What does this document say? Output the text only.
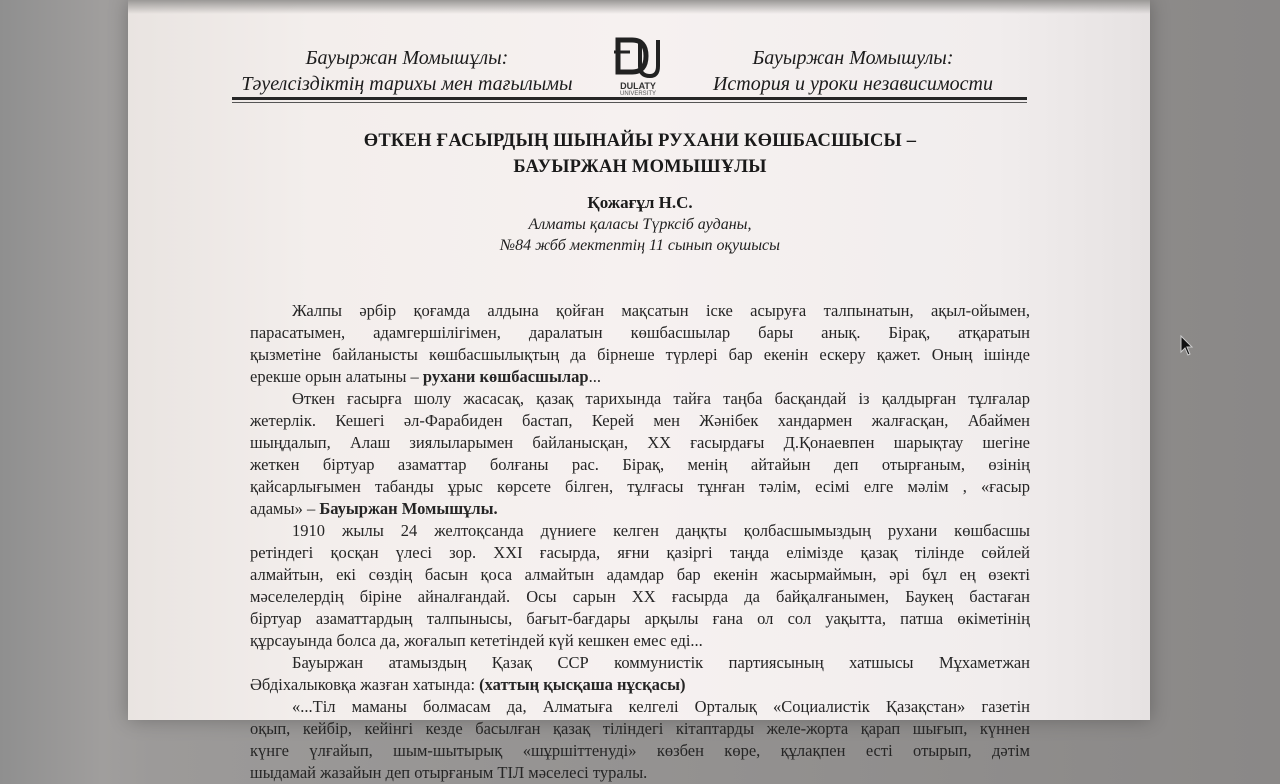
Бауыржан Момышұлы:
Тәуелсіздіктің тарихы мен тағылымы	DULATY
UNIVERSITY
Бауыржан Момышулы:
История и уроки независимости
ӨТКЕН ҒАСЫРДЫҢ ШЫНАЙЫ РУХАНИ КӨШБАСШЫСЫ –
БАУЫРЖАН МОМЫШҰЛЫ
Қожағұл Н.С.
Алматы қаласы Түрксіб ауданы,
№84 жбб мектептің 11 сынып оқушысы
Жалпы әрбір қоғамда алдына қойған мақсатын іске асыруға талпынатын, ақыл-ойымен,
парасатымен, адамгершілігімен, даралатын көшбасшылар бары анық. Бірақ, атқаратын
қызметіне байланысты көшбасшылықтың да бірнеше түрлері бар екенін ескеру қажет. Оның ішінде
ерекше орын алатыны – рухани көшбасшылар...
Өткен ғасырға шолу жасасақ, қазақ тарихында тайға таңба басқандай із қалдырған тұлғалар
жетерлік. Кешегі әл-Фарабиден бастап, Керей мен Жәнібек хандармен жалғасқан, Абаймен
шыңдалып, Алаш зиялыларымен байланысқан, ХХ ғасырдағы Д.Қонаевпен шарықтау шегіне
жеткен біртуар азаматтар болғаны рас. Бірақ, менің айтайын деп отырғаным, өзінің
қайсарлығымен табанды ұрыс көрсете білген, тұлғасы тұнған тәлім, есімі елге мәлім , «ғасыр
адамы» – Бауыржан Момышұлы.
1910 жылы 24 желтоқсанда дүниеге келген даңқты қолбасшымыздың рухани көшбасшы
ретіндегі қосқан үлесі зор. ХХІ ғасырда, яғни қазіргі таңда елімізде қазақ тілінде сөйлей
алмайтын, екі сөздің басын қоса алмайтын адамдар бар екенін жасырмаймын, әрі бұл ең өзекті
мәселелердің біріне айналғандай. Осы сарын ХХ ғасырда да байқалғанымен, Баукең бастаған
біртуар азаматтардың талпынысы, бағыт-бағдары арқылы ғана ол сол уақытта, патша өкіметінің
құрсауында болса да, жоғалып кететіндей күй кешкен емес еді...
Бауыржан атамыздың Қазақ ССР коммунистік партиясының хатшысы Мұхаметжан
Әбдіхалыковқа жазған хатында: (хаттың қысқаша нұсқасы)
«...Тіл маманы болмасам да, Алматыға келгелі Орталық «Социалистік Қазақстан» газетін
оқып, кейбір, кейінгі кезде басылған қазақ тіліндегі кітаптарды желе-жорта қарап шығып, күннен
күнге үлғайып, шым-шытырық «шұршіттенуді» көзбен көре, құлақпен есті отырып, дәтім
шыдамай жазайын деп отырғаным ТІЛ мәселесі туралы.
